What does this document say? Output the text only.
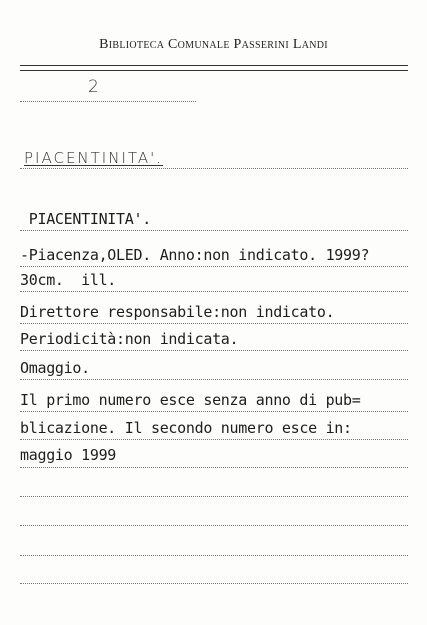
Biblioteca Comunale Passerini Landi
2
PIACENTINITA'.
PIACENTINITA'.
-Piacenza,OLED. Anno:non indicato. 1999?
30cm.  ill.
Direttore responsabile:non indicato.
Periodicità:non indicata.
Omaggio.
Il primo numero esce senza anno di pub=
blicazione. Il secondo numero esce in:
maggio 1999
